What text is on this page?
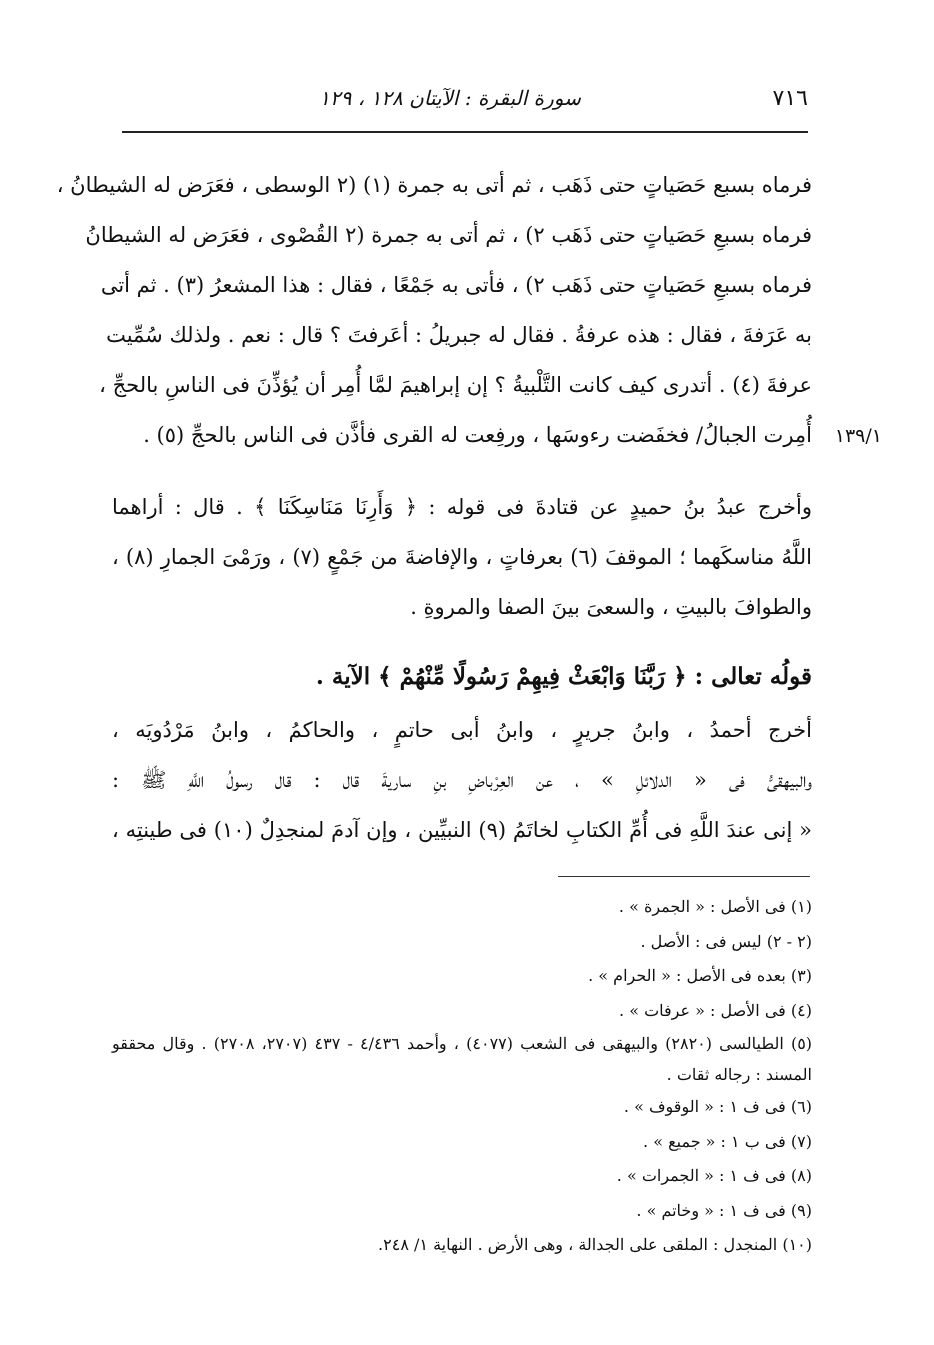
٧١٦
سورة البقرة : الآيتان ١٢٨ ، ١٢٩
فرماه بسبع حَصَياتٍ حتى ذَهَب ، ثم أتى به جمرة (١) (٢ الوسطى ، فعَرَض له الشيطانُ ،
فرماه بسبعِ حَصَياتٍ حتى ذَهَب ٢) ، ثم أتى به جمرة (٢ القُصْوى ، فعَرَض له الشيطانُ
فرماه بسبعِ حَصَياتٍ حتى ذَهَب ٢) ، فأتى به جَمْعًا ، فقال : هذا المشعرُ (٣) . ثم أتى
به عَرَفةَ ، فقال : هذه عرفةُ . فقال له جبريلُ : أعَرفتَ ؟ قال : نعم . ولذلك سُمِّيت
عرفةَ (٤) . أتدرى كيف كانت التَّلْبيةُ ؟ إن إبراهيمَ لمَّا أُمِر أن يُؤذِّنَ فى الناسِ بالحجِّ ،
أُمِرت الجبالُ/ فخفَضت رءوسَها ، ورفِعت له القرى فأذَّن فى الناس بالحجِّ (٥) .	١٣٩/١
وأخرج عبدُ بنُ حميدٍ عن قتادةَ فى قوله : ﴿ وَأَرِنَا مَنَاسِكَنَا ﴾ . قال : أراهما
اللَّهُ مناسكَهما ؛ الموقفَ (٦) بعرفاتٍ ، والإفاضةَ من جَمْعٍ (٧) ، ورَمْىَ الجمارِ (٨) ،
والطوافَ بالبيتِ ، والسعىَ بينَ الصفا والمروةِ .
قولُه تعالى : ﴿ رَبَّنَا وَابْعَثْ فِيهِمْ رَسُولًا مِّنْهُمْ ﴾ الآية .
أخرج أحمدُ ، وابنُ جريرٍ ، وابنُ أبى حاتمٍ ، والحاكمُ ، وابنُ مَرْدُويَه ،
والبيهقىُّ فى « الدلائلِ » ، عن العِرْباضِ بنِ ساريةَ قال : قال رسولُ اللَّهِ ﷺ :
« إنى عندَ اللَّهِ فى أُمِّ الكتابِ لخاتَمُ (٩) النبيِّين ، وإن آدمَ لمنجدِلٌ (١٠) فى طينتِه ،
(١) فى الأصل : « الجمرة » .
(٢ - ٢) ليس فى : الأصل .
(٣) بعده فى الأصل : « الحرام » .
(٤) فى الأصل : « عرفات » .
(٥) الطيالسى (٢٨٢٠) والبيهقى فى الشعب (٤٠٧٧) ، وأحمد ٤/٤٣٦ - ٤٣٧ (٢٧٠٧، ٢٧٠٨) . وقال محققو المسند : رجاله ثقات .
(٦) فى ف ١ : « الوقوف » .
(٧) فى ب ١ : « جميع » .
(٨) فى ف ١ : « الجمرات » .
(٩) فى ف ١ : « وخاتم » .
(١٠) المنجدل : الملقى على الجدالة ، وهى الأرض . النهاية ١/ ٢٤٨.
